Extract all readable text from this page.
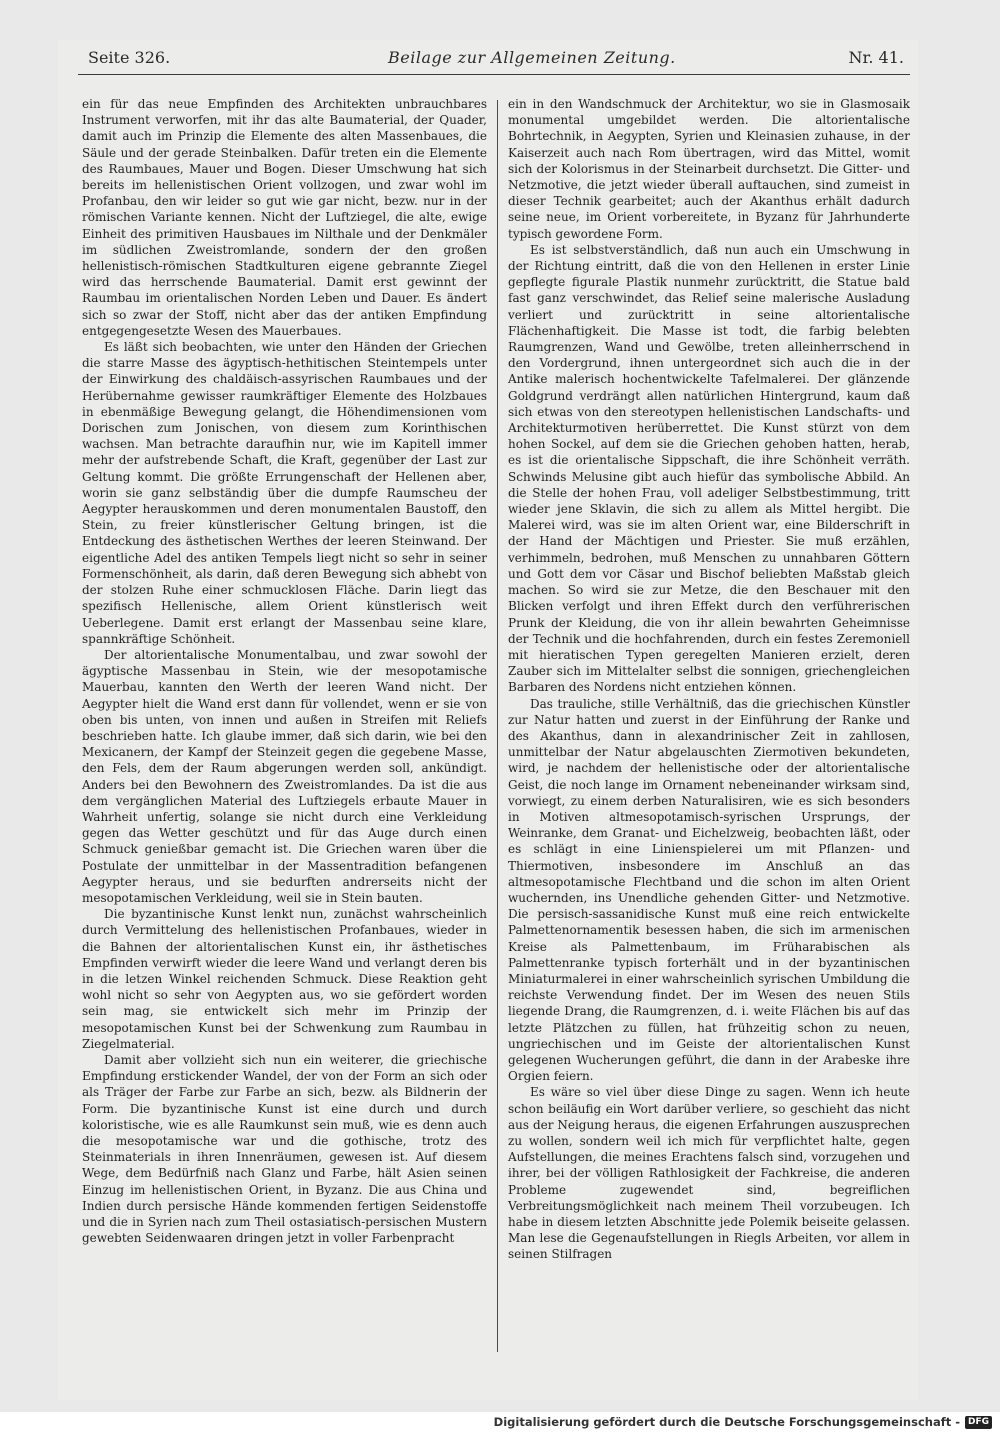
Seite 326.	Beilage zur Allgemeinen Zeitung.	Nr. 41.

ein für das neue Empfinden des Architekten unbrauchbares Instrument verworfen, mit ihr das alte Baumaterial, der Quader, damit auch im Prinzip die Elemente des alten Massenbaues, die Säule und der gerade Steinbalken. Dafür treten ein die Elemente des Raumbaues, Mauer und Bogen. Dieser Umschwung hat sich bereits im hellenistischen Orient vollzogen, und zwar wohl im Profanbau, den wir leider so gut wie gar nicht, bezw. nur in der römischen Variante kennen. Nicht der Luftziegel, die alte, ewige Einheit des primitiven Hausbaues im Nilthale und der Denkmäler im südlichen Zweistromlande, sondern der den großen hellenistisch-römischen Stadtkulturen eigene gebrannte Ziegel wird das herrschende Baumaterial. Damit erst gewinnt der Raumbau im orientalischen Norden Leben und Dauer. Es ändert sich so zwar der Stoff, nicht aber das der antiken Empfindung entgegengesetzte Wesen des Mauerbaues.

Es läßt sich beobachten, wie unter den Händen der Griechen die starre Masse des ägyptisch-hethitischen Steintempels unter der Einwirkung des chaldäisch-assyrischen Raumbaues und der Herübernahme gewisser raumkräftiger Elemente des Holzbaues in ebenmäßige Bewegung gelangt, die Höhendimensionen vom Dorischen zum Jonischen, von diesem zum Korinthischen wachsen. Man betrachte daraufhin nur, wie im Kapitell immer mehr der aufstrebende Schaft, die Kraft, gegenüber der Last zur Geltung kommt. Die größte Errungenschaft der Hellenen aber, worin sie ganz selbständig über die dumpfe Raumscheu der Aegypter herauskommen und deren monumentalen Baustoff, den Stein, zu freier künstlerischer Geltung bringen, ist die Entdeckung des ästhetischen Werthes der leeren Steinwand. Der eigentliche Adel des antiken Tempels liegt nicht so sehr in seiner Formenschönheit, als darin, daß deren Bewegung sich abhebt von der stolzen Ruhe einer schmucklosen Fläche. Darin liegt das spezifisch Hellenische, allem Orient künstlerisch weit Ueberlegene. Damit erst erlangt der Massenbau seine klare, spannkräftige Schönheit.

Der altorientalische Monumentalbau, und zwar sowohl der ägyptische Massenbau in Stein, wie der mesopotamische Mauerbau, kannten den Werth der leeren Wand nicht. Der Aegypter hielt die Wand erst dann für vollendet, wenn er sie von oben bis unten, von innen und außen in Streifen mit Reliefs beschrieben hatte. Ich glaube immer, daß sich darin, wie bei den Mexicanern, der Kampf der Steinzeit gegen die gegebene Masse, den Fels, dem der Raum abgerungen werden soll, ankündigt. Anders bei den Bewohnern des Zweistromlandes. Da ist die aus dem vergänglichen Material des Luftziegels erbaute Mauer in Wahrheit unfertig, solange sie nicht durch eine Verkleidung gegen das Wetter geschützt und für das Auge durch einen Schmuck genießbar gemacht ist. Die Griechen waren über die Postulate der unmittelbar in der Massentradition befangenen Aegypter heraus, und sie bedurften andrerseits nicht der mesopotamischen Verkleidung, weil sie in Stein bauten.

Die byzantinische Kunst lenkt nun, zunächst wahrscheinlich durch Vermittelung des hellenistischen Profanbaues, wieder in die Bahnen der altorientalischen Kunst ein, ihr ästhetisches Empfinden verwirft wieder die leere Wand und verlangt deren bis in die letzen Winkel reichenden Schmuck. Diese Reaktion geht wohl nicht so sehr von Aegypten aus, wo sie gefördert worden sein mag, sie entwickelt sich mehr im Prinzip der mesopotamischen Kunst bei der Schwenkung zum Raumbau in Ziegelmaterial.

Damit aber vollzieht sich nun ein weiterer, die griechische Empfindung erstickender Wandel, der von der Form an sich oder als Träger der Farbe zur Farbe an sich, bezw. als Bildnerin der Form. Die byzantinische Kunst ist eine durch und durch koloristische, wie es alle Raumkunst sein muß, wie es denn auch die mesopotamische war und die gothische, trotz des Steinmaterials in ihren Innenräumen, gewesen ist. Auf diesem Wege, dem Bedürfniß nach Glanz und Farbe, hält Asien seinen Einzug im hellenistischen Orient, in Byzanz. Die aus China und Indien durch persische Hände kommenden fertigen Seidenstoffe und die in Syrien nach zum Theil ostasiatisch-persischen Mustern gewebten Seidenwaaren dringen jetzt in voller Farbenpracht

ein in den Wandschmuck der Architektur, wo sie in Glasmosaik monumental umgebildet werden. Die altorientalische Bohrtechnik, in Aegypten, Syrien und Kleinasien zuhause, in der Kaiserzeit auch nach Rom übertragen, wird das Mittel, womit sich der Kolorismus in der Steinarbeit durchsetzt. Die Gitter- und Netzmotive, die jetzt wieder überall auftauchen, sind zumeist in dieser Technik gearbeitet; auch der Akanthus erhält dadurch seine neue, im Orient vorbereitete, in Byzanz für Jahrhunderte typisch gewordene Form.

Es ist selbstverständlich, daß nun auch ein Umschwung in der Richtung eintritt, daß die von den Hellenen in erster Linie gepflegte figurale Plastik nunmehr zurücktritt, die Statue bald fast ganz verschwindet, das Relief seine malerische Ausladung verliert und zurücktritt in seine altorientalische Flächenhaftigkeit. Die Masse ist todt, die farbig belebten Raumgrenzen, Wand und Gewölbe, treten alleinherrschend in den Vordergrund, ihnen untergeordnet sich auch die in der Antike malerisch hochentwickelte Tafelmalerei. Der glänzende Goldgrund verdrängt allen natürlichen Hintergrund, kaum daß sich etwas von den stereotypen hellenistischen Landschafts- und Architekturmotiven herüberrettet. Die Kunst stürzt von dem hohen Sockel, auf dem sie die Griechen gehoben hatten, herab, es ist die orientalische Sippschaft, die ihre Schönheit verräth. Schwinds Melusine gibt auch hiefür das symbolische Abbild. An die Stelle der hohen Frau, voll adeliger Selbstbestimmung, tritt wieder jene Sklavin, die sich zu allem als Mittel hergibt. Die Malerei wird, was sie im alten Orient war, eine Bilderschrift in der Hand der Mächtigen und Priester. Sie muß erzählen, verhimmeln, bedrohen, muß Menschen zu unnahbaren Göttern und Gott dem vor Cäsar und Bischof beliebten Maßstab gleich machen. So wird sie zur Metze, die den Beschauer mit den Blicken verfolgt und ihren Effekt durch den verführerischen Prunk der Kleidung, die von ihr allein bewahrten Geheimnisse der Technik und die hochfahrenden, durch ein festes Zeremoniell mit hieratischen Typen geregelten Manieren erzielt, deren Zauber sich im Mittelalter selbst die sonnigen, griechengleichen Barbaren des Nordens nicht entziehen können.

Das trauliche, stille Verhältniß, das die griechischen Künstler zur Natur hatten und zuerst in der Einführung der Ranke und des Akanthus, dann in alexandrinischer Zeit in zahllosen, unmittelbar der Natur abgelauschten Ziermotiven bekundeten, wird, je nachdem der hellenistische oder der altorientalische Geist, die noch lange im Ornament nebeneinander wirksam sind, vorwiegt, zu einem derben Naturalisiren, wie es sich besonders in Motiven altmesopotamisch-syrischen Ursprungs, der Weinranke, dem Granat- und Eichelzweig, beobachten läßt, oder es schlägt in eine Linienspielerei um mit Pflanzen- und Thiermotiven, insbesondere im Anschluß an das altmesopotamische Flechtband und die schon im alten Orient wuchernden, ins Unendliche gehenden Gitter- und Netzmotive. Die persisch-sassanidische Kunst muß eine reich entwickelte Palmettenornamentik besessen haben, die sich im armenischen Kreise als Palmettenbaum, im Früharabischen als Palmettenranke typisch forterhält und in der byzantinischen Miniaturmalerei in einer wahrscheinlich syrischen Umbildung die reichste Verwendung findet. Der im Wesen des neuen Stils liegende Drang, die Raumgrenzen, d. i. weite Flächen bis auf das letzte Plätzchen zu füllen, hat frühzeitig schon zu neuen, ungriechischen und im Geiste der altorientalischen Kunst gelegenen Wucherungen geführt, die dann in der Arabeske ihre Orgien feiern.

Es wäre so viel über diese Dinge zu sagen. Wenn ich heute schon beiläufig ein Wort darüber verliere, so geschieht das nicht aus der Neigung heraus, die eigenen Erfahrungen auszusprechen zu wollen, sondern weil ich mich für verpflichtet halte, gegen Aufstellungen, die meines Erachtens falsch sind, vorzugehen und ihrer, bei der völligen Rathlosigkeit der Fachkreise, die anderen Probleme zugewendet sind, begreiflichen Verbreitungsmöglichkeit nach meinem Theil vorzubeugen. Ich habe in diesem letzten Abschnitte jede Polemik beiseite gelassen. Man lese die Gegenaufstellungen in Riegls Arbeiten, vor allem in seinen Stilfragen

Digitalisierung gefördert durch die Deutsche Forschungsgemeinschaft - DFG
